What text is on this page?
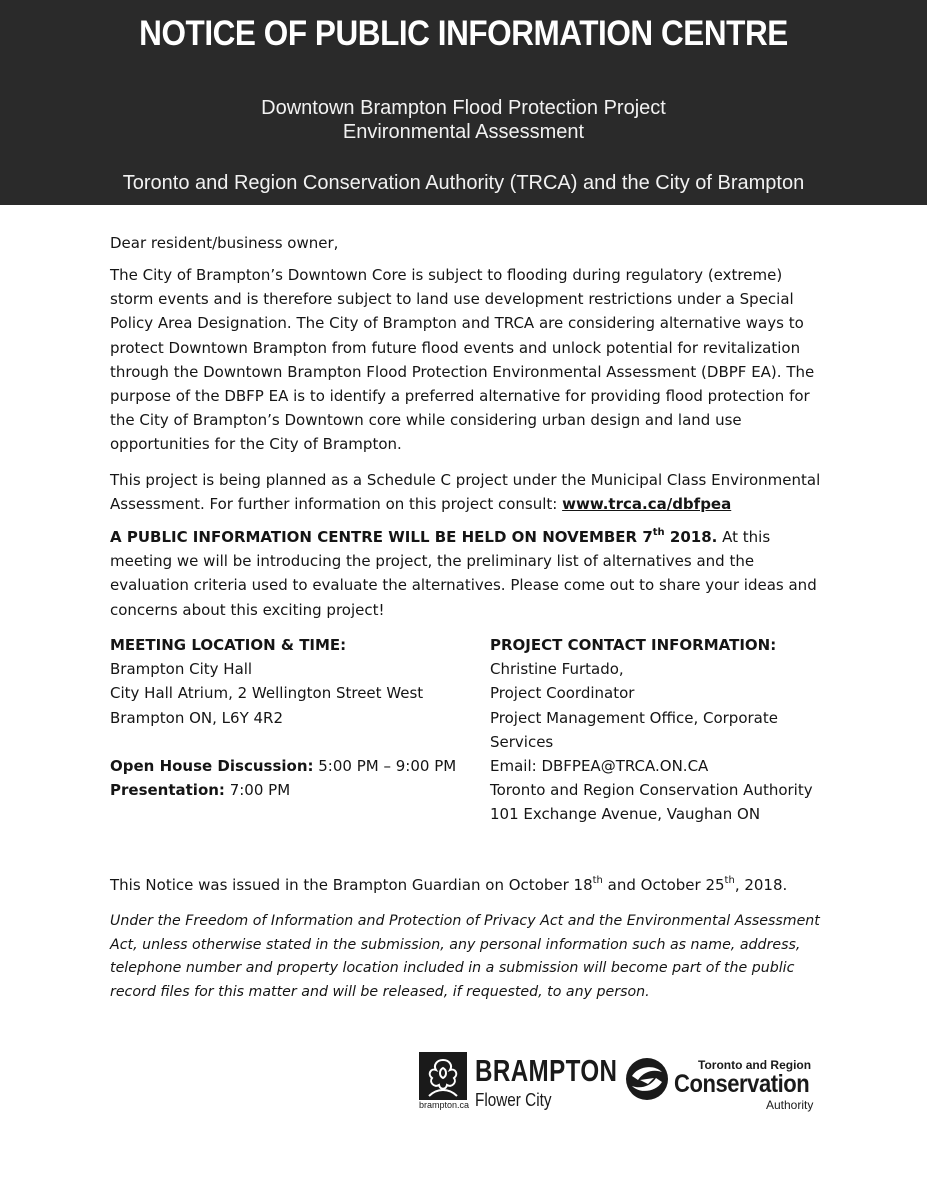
NOTICE OF PUBLIC INFORMATION CENTRE
Downtown Brampton Flood Protection Project
Environmental Assessment
Toronto and Region Conservation Authority (TRCA) and the City of Brampton

Dear resident/business owner,

The City of Brampton’s Downtown Core is subject to flooding during regulatory (extreme) storm events and is therefore subject to land use development restrictions under a Special Policy Area Designation. The City of Brampton and TRCA are considering alternative ways to protect Downtown Brampton from future flood events and unlock potential for revitalization through the Downtown Brampton Flood Protection Environmental Assessment (DBPF EA). The purpose of the DBFP EA is to identify a preferred alternative for providing flood protection for the City of Brampton’s Downtown core while considering urban design and land use opportunities for the City of Brampton.

This project is being planned as a Schedule C project under the Municipal Class Environmental Assessment. For further information on this project consult: www.trca.ca/dbfpea

A PUBLIC INFORMATION CENTRE WILL BE HELD ON NOVEMBER 7th 2018. At this meeting we will be introducing the project, the preliminary list of alternatives and the evaluation criteria used to evaluate the alternatives. Please come out to share your ideas and concerns about this exciting project!

MEETING LOCATION & TIME:
Brampton City Hall
City Hall Atrium, 2 Wellington Street West
Brampton ON, L6Y 4R2
Open House Discussion: 5:00 PM – 9:00 PM
Presentation: 7:00 PM
PROJECT CONTACT INFORMATION:
Christine Furtado,
Project Coordinator
Project Management Office, Corporate
Services
Email: DBFPEA@TRCA.ON.CA
Toronto and Region Conservation Authority
101 Exchange Avenue, Vaughan ON

This Notice was issued in the Brampton Guardian on October 18th and October 25th, 2018.

Under the Freedom of Information and Protection of Privacy Act and the Environmental Assessment Act, unless otherwise stated in the submission, any personal information such as name, address, telephone number and property location included in a submission will become part of the public record files for this matter and will be released, if requested, to any person.
BRAMPTON
Flower City
brampton.ca
Toronto and Region
Conservation
Authority
